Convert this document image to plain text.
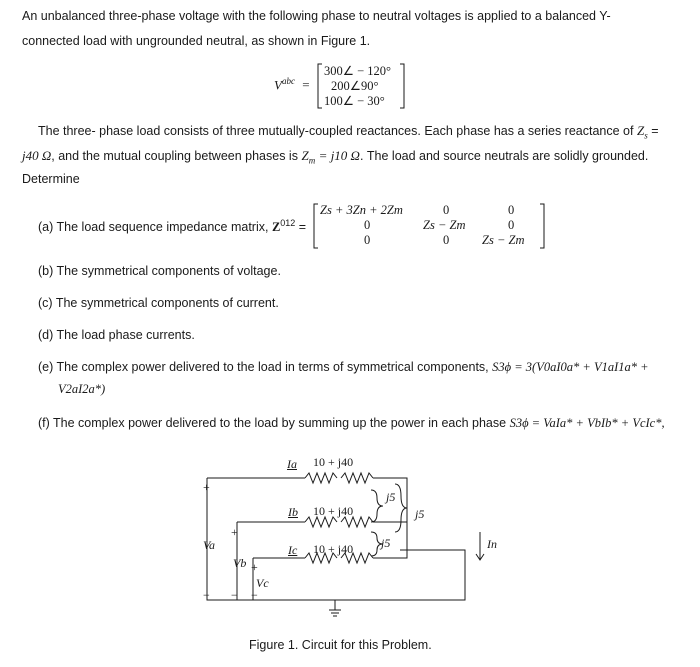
An unbalanced three-phase voltage with the following phase to neutral voltages is applied to a balanced Y-
connected load with ungrounded neutral, as shown in Figure 1.
$V^{abc}$ =
300∠ − 120°
200∠90°
100∠ − 30°
The three- phase load consists of three mutually-coupled reactances. Each phase has a series reactance of $Z_s$ =
j40 Ω, and the mutual coupling between phases is $Z_m = j10$ Ω. The load and source neutrals are solidly grounded.
Determine
(a) The load sequence impedance matrix, $Z^{012}$ =
Zs + 3Zn + 2Zm	0	0
0	Zs − Zm	0
0	0	Zs − Zm
(b) The symmetrical components of voltage.
(c) The symmetrical components of current.
(d) The load phase currents.
(e) The complex power delivered to the load in terms of symmetrical components, S3ϕ = 3(V0aI0a* + V1aI1a* +
V2aI2a*)
(f) The complex power delivered to the load by summing up the power in each phase S3ϕ = VaIa* + VbIb* + VcIc*,
Ia 10 + j40
Ib 10 + j40
Ic 10 + j40
j5
j5
j5
Va
Vb
Vc
In
+
+
+
− − −
Figure 1. Circuit for this Problem.
